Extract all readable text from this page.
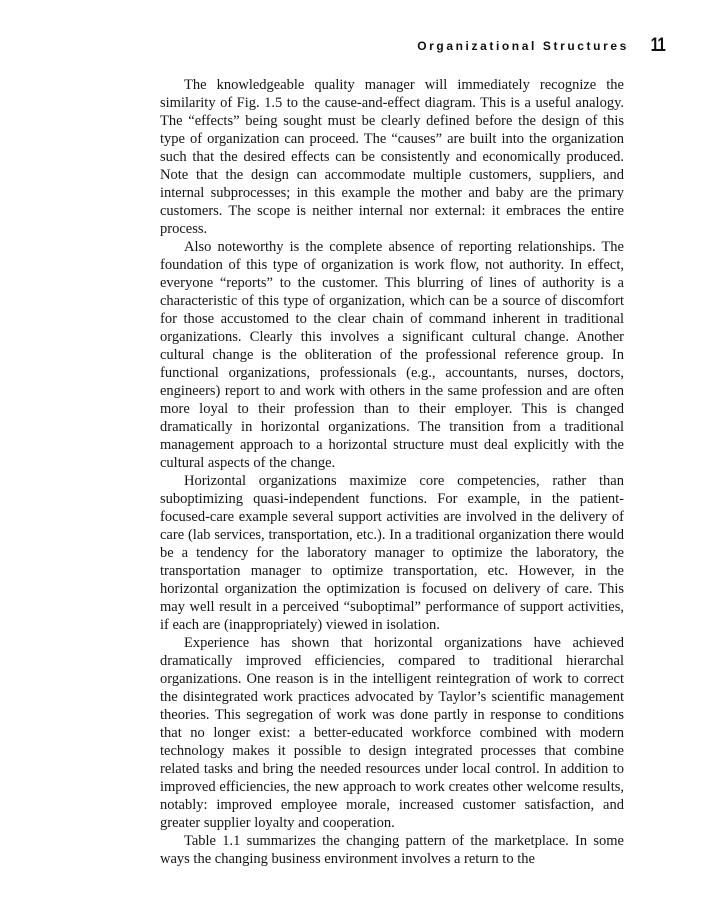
Organizational Structures 11

The knowledgeable quality manager will immediately recognize the similarity of Fig. 1.5 to the cause-and-effect diagram. This is a useful analogy. The “effects” being sought must be clearly defined before the design of this type of organization can proceed. The “causes” are built into the organization such that the desired effects can be consistently and economically produced. Note that the design can accommodate multiple customers, suppliers, and internal subprocesses; in this example the mother and baby are the primary customers. The scope is neither internal nor external: it embraces the entire process.

Also noteworthy is the complete absence of reporting relationships. The foundation of this type of organization is work flow, not authority. In effect, everyone “reports” to the customer. This blurring of lines of authority is a characteristic of this type of organization, which can be a source of discomfort for those accustomed to the clear chain of command inherent in traditional organizations. Clearly this involves a significant cultural change. Another cultural change is the obliteration of the professional reference group. In functional organizations, professionals (e.g., accountants, nurses, doctors, engineers) report to and work with others in the same profession and are often more loyal to their profession than to their employer. This is changed dramatically in horizontal organizations. The transition from a traditional management approach to a horizontal structure must deal explicitly with the cultural aspects of the change.

Horizontal organizations maximize core competencies, rather than suboptimizing quasi-independent functions. For example, in the patient-focused-care example several support activities are involved in the delivery of care (lab services, transportation, etc.). In a traditional organization there would be a tendency for the laboratory manager to optimize the laboratory, the transportation manager to optimize transportation, etc. However, in the horizontal organization the optimization is focused on delivery of care. This may well result in a perceived “suboptimal” performance of support activities, if each are (inappropriately) viewed in isolation.

Experience has shown that horizontal organizations have achieved dramatically improved efficiencies, compared to traditional hierarchal organizations. One reason is in the intelligent reintegration of work to correct the disintegrated work practices advocated by Taylor’s scientific management theories. This segregation of work was done partly in response to conditions that no longer exist: a better-educated workforce combined with modern technology makes it possible to design integrated processes that combine related tasks and bring the needed resources under local control. In addition to improved efficiencies, the new approach to work creates other welcome results, notably: improved employee morale, increased customer satisfaction, and greater supplier loyalty and cooperation.

Table 1.1 summarizes the changing pattern of the marketplace. In some ways the changing business environment involves a return to the
